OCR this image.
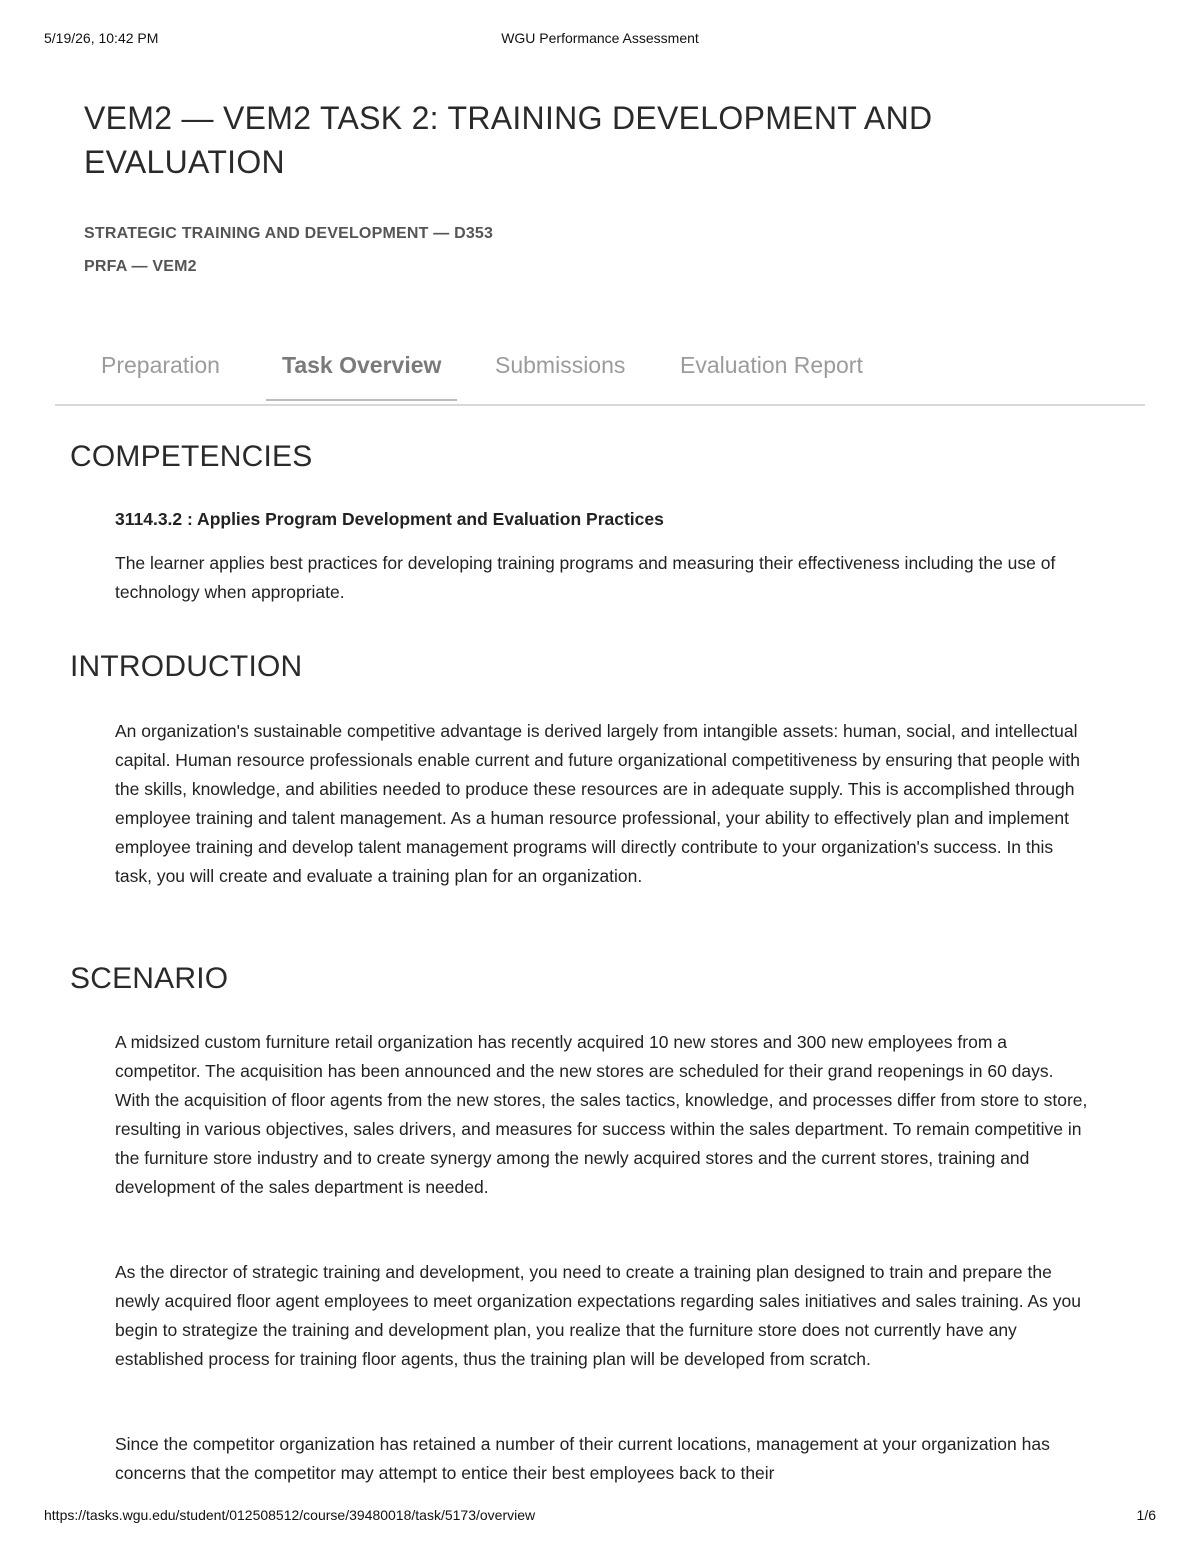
5/19/26, 10:42 PM	WGU Performance Assessment
VEM2 — VEM2 TASK 2: TRAINING DEVELOPMENT AND EVALUATION
STRATEGIC TRAINING AND DEVELOPMENT — D353
PRFA — VEM2
Preparation	Task Overview Submissions Evaluation Report
COMPETENCIES
3114.3.2 : Applies Program Development and Evaluation Practices

The learner applies best practices for developing training programs and measuring their effectiveness including the use of technology when appropriate.

INTRODUCTION

An organization's sustainable competitive advantage is derived largely from intangible assets: human, social, and intellectual capital. Human resource professionals enable current and future organizational competitiveness by ensuring that people with the skills, knowledge, and abilities needed to produce these resources are in adequate supply. This is accomplished through employee training and talent management. As a human resource professional, your ability to effectively plan and implement employee training and develop talent management programs will directly contribute to your organization's success. In this task, you will create and evaluate a training plan for an organization.

SCENARIO

A midsized custom furniture retail organization has recently acquired 10 new stores and 300 new employees from a competitor. The acquisition has been announced and the new stores are scheduled for their grand reopenings in 60 days. With the acquisition of floor agents from the new stores, the sales tactics, knowledge, and processes differ from store to store, resulting in various objectives, sales drivers, and measures for success within the sales department. To remain competitive in the furniture store industry and to create synergy among the newly acquired stores and the current stores, training and development of the sales department is needed.

As the director of strategic training and development, you need to create a training plan designed to train and prepare the newly acquired floor agent employees to meet organization expectations regarding sales initiatives and sales training. As you begin to strategize the training and development plan, you realize that the furniture store does not currently have any established process for training floor agents, thus the training plan will be developed from scratch.

Since the competitor organization has retained a number of their current locations, management at your organization has concerns that the competitor may attempt to entice their best employees back to their

https://tasks.wgu.edu/student/012508512/course/39480018/task/5173/overview	1/6
